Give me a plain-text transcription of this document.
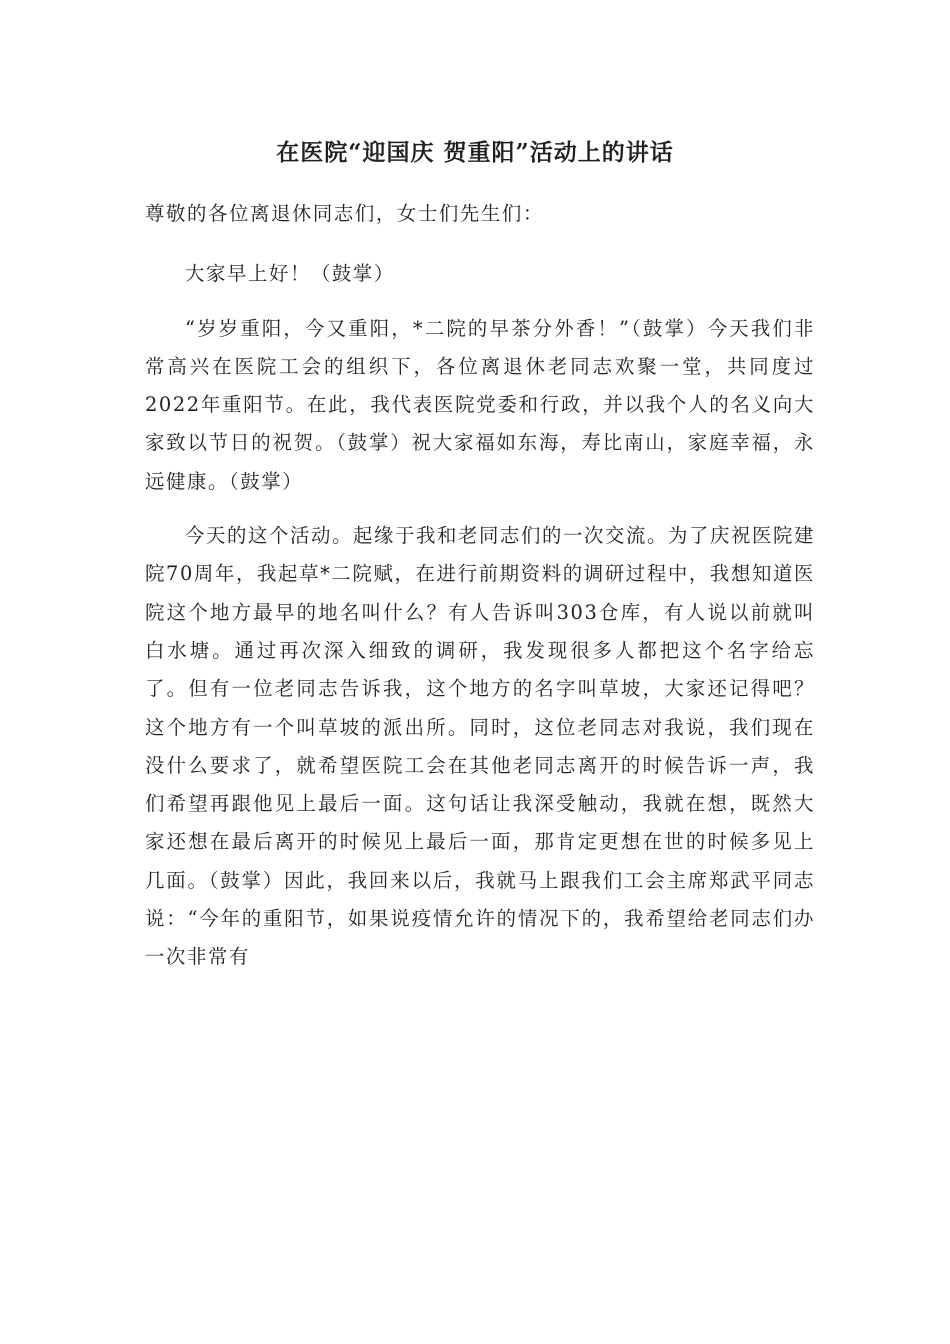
在医院“迎国庆 贺重阳”活动上的讲话

尊敬的各位离退休同志们，女士们先生们：

大家早上好！（鼓掌）

“岁岁重阳，今又重阳，*二院的早茶分外香！”（鼓掌）今天我们非常高兴在医院工会的组织下，各位离退休老同志欢聚一堂，共同度过2022年重阳节。在此，我代表医院党委和行政，并以我个人的名义向大家致以节日的祝贺。（鼓掌）祝大家福如东海，寿比南山，家庭幸福，永远健康。（鼓掌）

今天的这个活动。起缘于我和老同志们的一次交流。为了庆祝医院建院70周年，我起草*二院赋，在进行前期资料的调研过程中，我想知道医院这个地方最早的地名叫什么？有人告诉叫303仓库，有人说以前就叫白水塘。通过再次深入细致的调研，我发现很多人都把这个名字给忘了。但有一位老同志告诉我，这个地方的名字叫草坡，大家还记得吧？这个地方有一个叫草坡的派出所。同时，这位老同志对我说，我们现在没什么要求了，就希望医院工会在其他老同志离开的时候告诉一声，我们希望再跟他见上最后一面。这句话让我深受触动，我就在想，既然大家还想在最后离开的时候见上最后一面，那肯定更想在世的时候多见上几面。（鼓掌）因此，我回来以后，我就马上跟我们工会主席郑武平同志说：“今年的重阳节，如果说疫情允许的情况下的，我希望给老同志们办一次非常有
